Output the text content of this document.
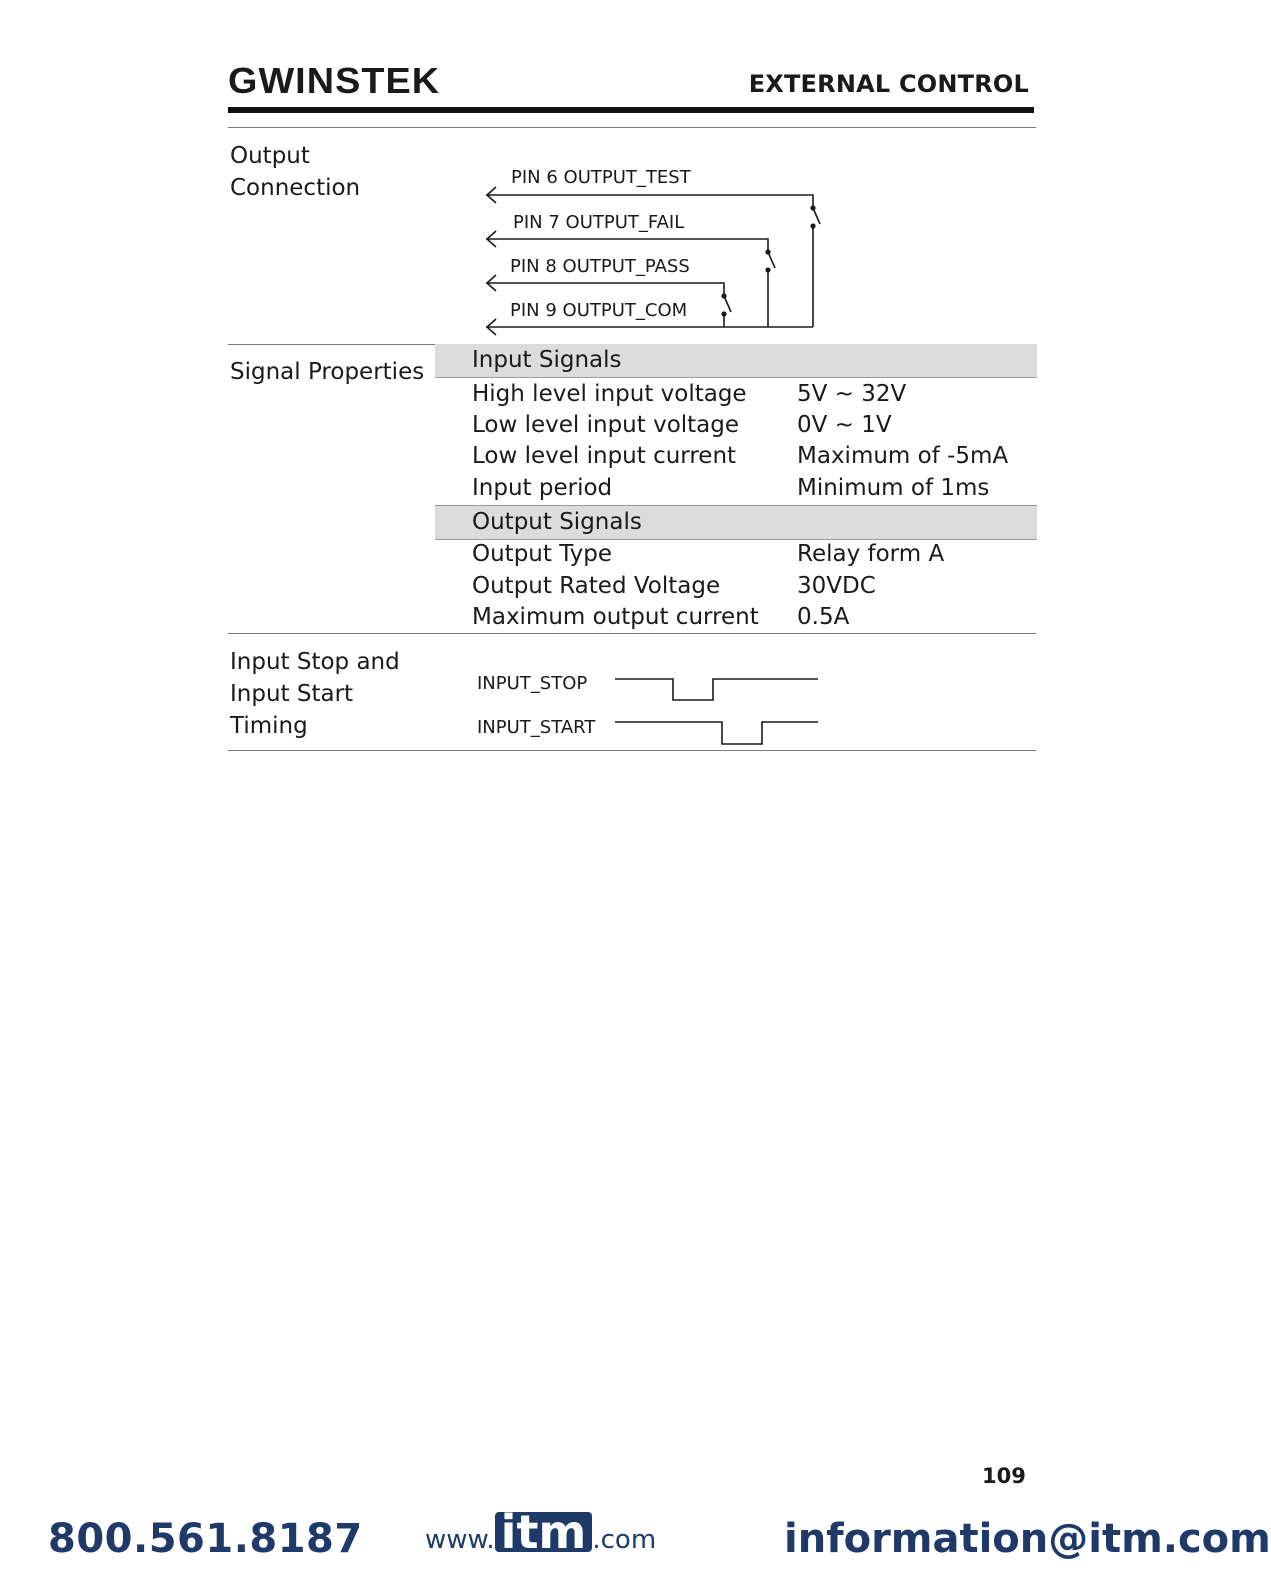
GWINSTEK	EXTERNAL CONTROL
Output
Connection	PIN 6 OUTPUT_TEST
PIN 7 OUTPUT_FAIL
PIN 8 OUTPUT_PASS
PIN 9 OUTPUT_COM
Signal Properties Input Signals
High level input voltage 5V ~ 32V
Low level input voltage	0V ~ 1V
Low level input current	Maximum of -5mA
Input period	Minimum of 1ms
Output Signals
Output Type	Relay form A
Output Rated Voltage	30VDC
Maximum output current 0.5A
Input Stop and
Input Start
Timing
INPUT_STOP
INPUT_START
109
800.561.8187 www. itm .com	information@itm.com
